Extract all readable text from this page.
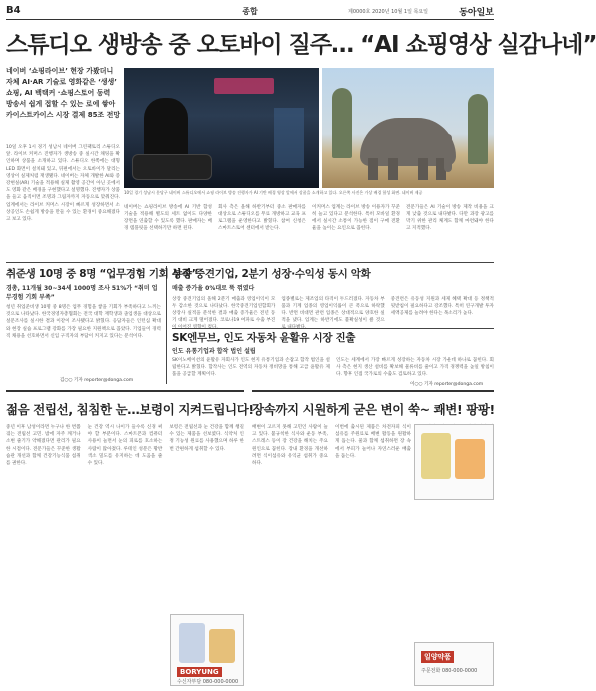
B4	종합	제0000호 2020년 10월 1일 목요일	동아일보
스튜디오 생방송 중 오토바이 질주… “AI 쇼핑영상 실감나네”
네이버 ‘쇼핑라이브’ 현장 가봤더니
자체 AI·AR 기술로 영화같은 ‘생생’
쇼핑, AI 백택커 ·쇼핑스토어 동력
방송서 쉽게 접할 수 있는 로에 쌓아
카이스트카이스 시장 결제 85조 전망
10일 오후 1시 경기 성남시 네이버 그린팩토리 스튜디오 앞. 라이브 커머스 진행자가 생방송 중 실시간 채팅을 확인하며 상품을 소개하고 있다. 스튜디오 한쪽에는 대형 LED 화면이 설치돼 있고, 뒤편에서는 오토바이가 달리는 영상이 실제처럼 재생됐다. 네이버는 자체 개발한 AI와 증강현실(AR) 기술을 적용해 실제 촬영 공간이 아닌 곳에서도 영화 같은 배경을 구현했다고 설명했다. 진행자가 상품을 들고 움직이면 조명과 그림자까지 자동으로 맞춰진다. 업계에서는 라이브 커머스 시장이 빠르게 성장하면서 소상공인도 손쉽게 방송을 만들 수 있는 환경이 중요해졌다고 보고 있다.
10일 경기 성남시 분당구 네이버 스튜디오에서 쇼핑 라이브 방송 진행자가 AI 기반 배경 영상 앞에서 상품을 소개하고 있다. 오른쪽 사진은 가상 배경 합성 화면. 네이버 제공
네이버는 쇼핑라이브 방송에 AI 기반 합성 기술을 적용해 별도의 세트 없이도 다양한 장면을 연출할 수 있도록 했다. 판매자는 배경 템플릿을 선택하기만 하면 된다.
회사 측은 올해 하반기부터 중소 판매자를 대상으로 스튜디오를 무료 개방하고 교육 프로그램을 운영한다고 밝혔다. 참여 신청은 스마트스토어 센터에서 받는다.
이커머스 업계는 라이브 방송 이용자가 꾸준히 늘고 있다고 분석한다. 특히 모바일 환경에서 실시간 소통이 가능한 점이 구매 전환율을 높이는 요인으로 꼽힌다.
전문가들은 AI 기술이 방송 제작 비용을 크게 낮출 것으로 내다봤다. 다만 과장 광고를 막기 위한 관리 체계도 함께 마련돼야 한다고 지적했다.
취준생 10명 중 8명 “업무경험 기회 부족”
경총, 11개월 30~34세 1000명 조사 51%가 “취미 업무경험 기회 부족”
청년 취업준비생 10명 중 8명은 업무 경험을 쌓을 기회가 부족하다고 느끼는 것으로 나타났다. 한국경영자총협회는 전국 대학 재학생과 졸업생을 대상으로 설문조사를 실시한 결과 이같이 조사됐다고 밝혔다. 응답자들은 인턴십 확대와 현장 실습 프로그램 강화를 가장 필요한 지원책으로 꼽았다. 기업들이 경력직 채용을 선호하면서 신입 구직자의 부담이 커지고 있다는 분석이다.
김○○ 기자 reporter@donga.com
상장 중견기업, 2분기 성장·수익성 동시 악화
매출 증가율 0%대로 뚝 꺾였다
상장 중견기업의 올해 2분기 매출과 영업이익이 모두 감소한 것으로 나타났다. 한국중견기업연합회가 상장사 실적을 분석한 결과 매출 증가율은 전년 동기 대비 크게 떨어졌다. 코로나19 여파로 수출 부진
업종별로는 제조업의 타격이 두드러졌다. 자동차 부품과 기계 업종의 영업이익률이 큰 폭으로 하락했다. 반면 비대면 관련 업종은 상대적으로 양호한 실적을 냈다. 업계는 하반기에도 불확실성이 클 것으
중견련은 유동성 지원과 세제 혜택 확대 등 정책적 뒷받침이 필요하다고 강조했다. 특히 연구개발 투자 세액공제를 늘려야 한다는 목소리가 높다.
SK엔무브, 인도 자동차 윤활유 시장 진출
인도 유통기업과 합작 법인 설립
SK이노베이션의 윤활유 자회사가 인도 현지 유통기업과 손잡고 합작 법인을 설립한다고 밝혔다. 합작사는 인도 전역의 자동차 정비망을 통해 고급 윤활유 제품을 공급할 계획이다.
인도는 세계에서 가장 빠르게 성장하는 자동차 시장 가운데 하나로 꼽힌다. 회사 측은 현지 생산 설비를 확보해 물류비를 줄이고 가격 경쟁력을 높일 방침이다. 향후 인접 국가로의 수출도 검토하고 있다.
이○○ 기자 reporter@donga.com
젊음 전립선, 침침한 눈…보령이 지켜드립니다!
중년 이후 남성이라면 누구나 한 번쯤 겪는 전립선 고민. 밤에 자주 깨거나 소변 줄기가 약해졌다면 관리가 필요한 시점이다. 전문가들은 꾸준한 생활 습관 개선과 함께 건강기능식품 섭취를 권한다.
눈 건강 역시 나이가 들수록 신경 써야 할 부분이다. 스마트폰과 컴퓨터 사용이 늘면서 눈의 피로를 호소하는 사람이 많아졌다. 루테인 성분은 황반 색소 밀도를 유지하는 데 도움을 줄 수 있다.
보령은 전립선과 눈 건강을 함께 챙길 수 있는 제품을 선보였다. 식약처 인정 기능성 원료를 사용했으며 하루 한 번 간편하게 섭취할 수 있다.
BORYUNG
수신자부담 080-000-0000
장속까지 시원하게 굳은 변이 쑥~ 쾌변! 팡팡!
배변이 고르지 못해 고민인 사람이 늘고 있다. 불규칙한 식사와 운동 부족, 스트레스 등이 장 건강을 해치는 주요 원인으로 꼽힌다. 장내 환경을 개선하려면 식이섬유와 유익균 섭취가 중요하다.
이번에 출시된 제품은 차전자피 식이섬유를 주원료로 배변 활동을 원활하게 돕는다. 물과 함께 섭취하면 장 속에서 부피가 늘어나 자연스러운 배출을 돕는다.
일양약품
주문전화 080-000-0000
